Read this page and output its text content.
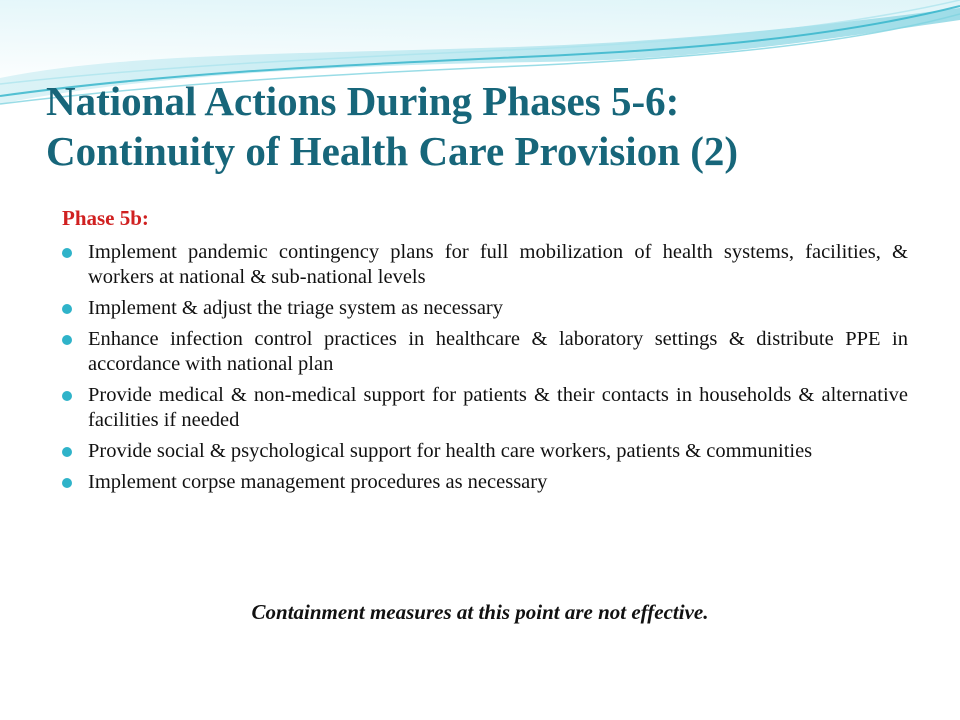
National Actions During Phases 5-6:
Continuity of Health Care Provision (2)
Phase 5b:
Implement pandemic contingency plans for full mobilization of health systems, facilities, & workers at national & sub-national levels
Implement & adjust the triage system as necessary
Enhance infection control practices in healthcare & laboratory settings & distribute PPE in accordance with national plan
Provide medical & non-medical support for patients & their contacts in households & alternative facilities if needed
Provide social & psychological support for health care workers, patients & communities
Implement corpse management procedures as necessary
Containment measures at this point are not effective.
